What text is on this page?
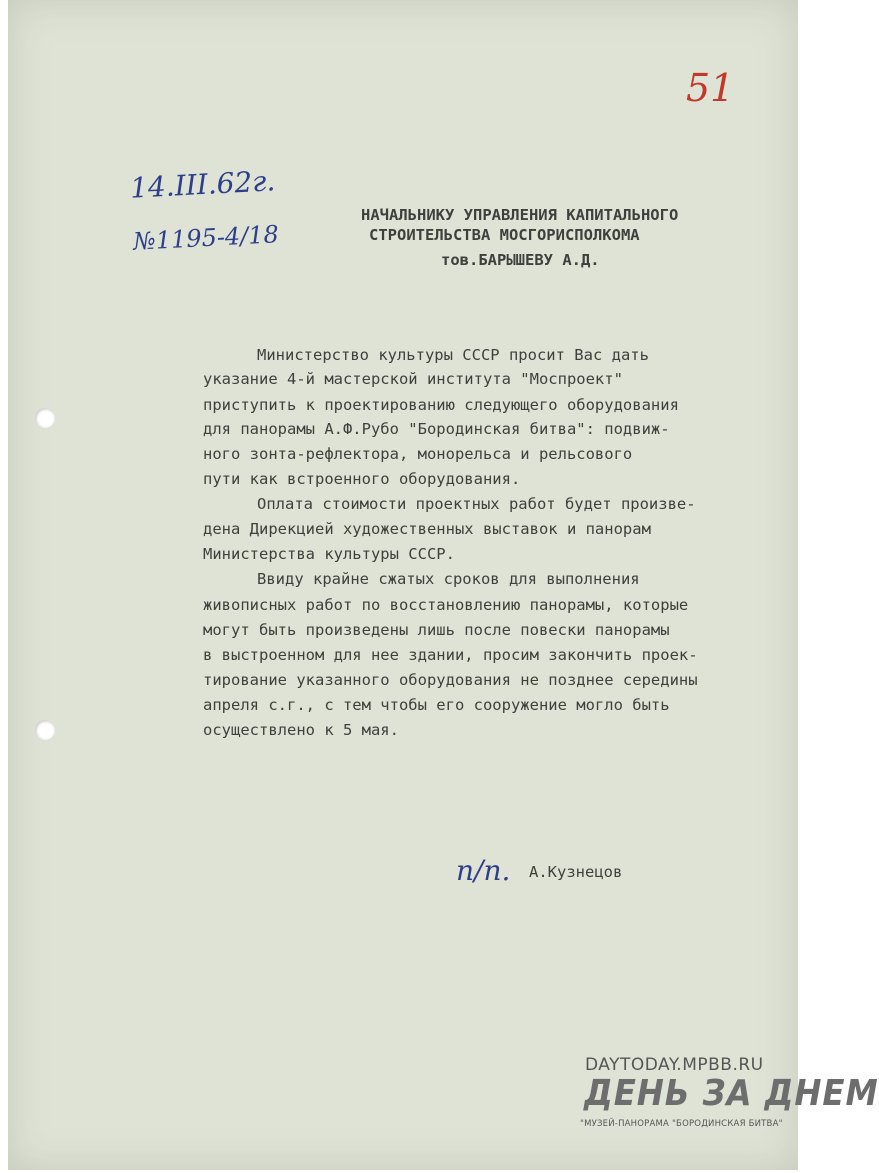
51
14.III.62г.
№1195-4/18
НАЧАЛЬНИКУ УПРАВЛЕНИЯ КАПИТАЛЬНОГО
СТРОИТЕЛЬСТВА МОСГОРИСПОЛКОМА
тов.БАРЫШЕВУ А.Д.
Министерство культуры СССР просит Вас дать
указание 4-й мастерской института "Моспроект"
приступить к проектированию следующего оборудования
для панорамы А.Ф.Рубо "Бородинская битва": подвиж-
ного зонта-рефлектора, монорельса и рельсового
пути как встроенного оборудования.
Оплата стоимости проектных работ будет произве-
дена Дирекцией художественных выставок и панорам
Министерства культуры СССР.
Ввиду крайне сжатых сроков для выполнения
живописных работ по восстановлению панорамы, которые
могут быть произведены лишь после повески панорамы
в выстроенном для нее здании, просим закончить проек-
тирование указанного оборудования не позднее середины
апреля с.г., с тем чтобы его сооружение могло быть
осуществлено к 5 мая.
п/п. А.Кузнецов
DAYTODAY.MPBB.RU
ДЕНЬ ЗА ДНЕМ
"МУЗЕЙ-ПАНОРАМА "БОРОДИНСКАЯ БИТВА"
